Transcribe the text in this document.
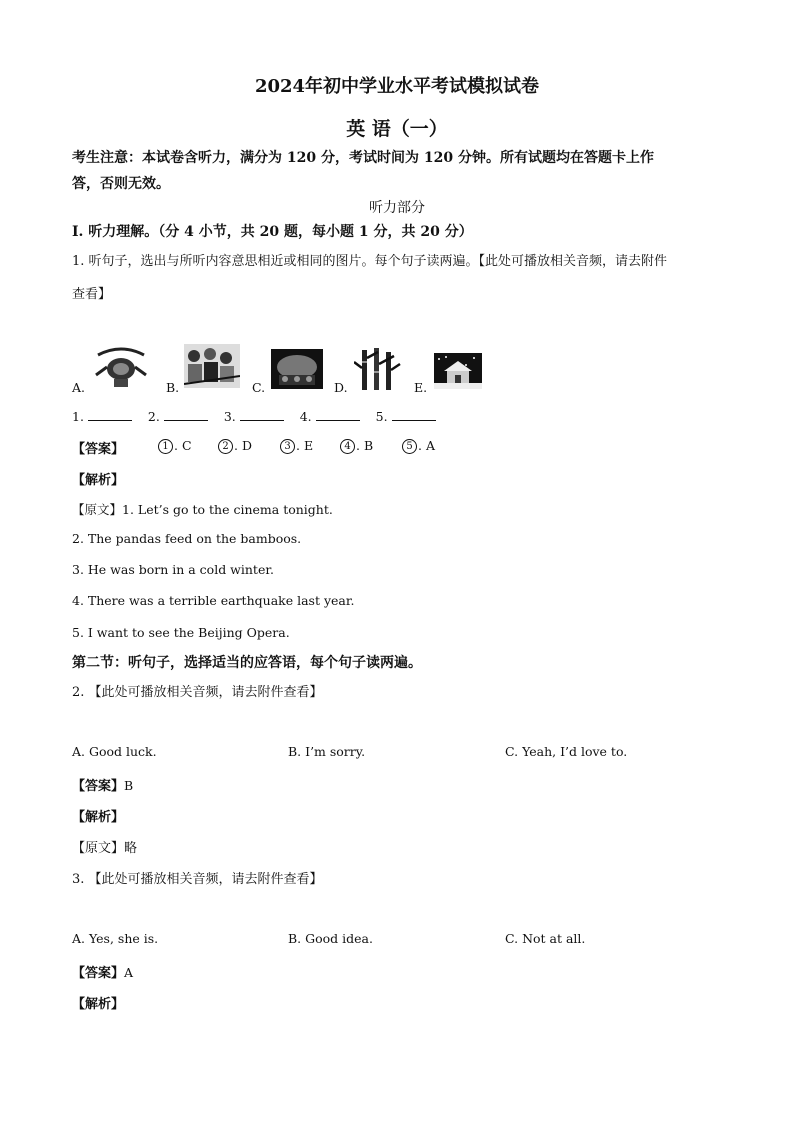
2024年初中学业水平考试模拟试卷
英 语（一）
考生注意：本试卷含听力，满分为 120 分，考试时间为 120 分钟。所有试题均在答题卡上作
答，否则无效。
听力部分
I. 听力理解。（分 4 小节，共 20 题，每小题 1 分，共 20 分）
1. 听句子，选出与所听内容意思相近或相同的图片。每个句子读两遍。【此处可播放相关音频，请去附件
查看】
A.	B.	C.	D.	E.
1.	2.	3.	4.	5.
【答案】	1 . C	2 . D	3 . E	4 . B	5 . A
【解析】
【原文】1. Let’s go to the cinema tonight.
2. The pandas feed on the bamboos.
3. He was born in a cold winter.
4. There was a terrible earthquake last year.
5. I want to see the Beijing Opera.
第二节：听句子，选择适当的应答语，每个句子读两遍。
2. 【此处可播放相关音频，请去附件查看】
A. Good luck.	B. I’m sorry.	C. Yeah, I’d love to.
【答案】B
【解析】
【原文】略
3. 【此处可播放相关音频，请去附件查看】
A. Yes, she is.	B. Good idea.	C. Not at all.
【答案】A
【解析】
